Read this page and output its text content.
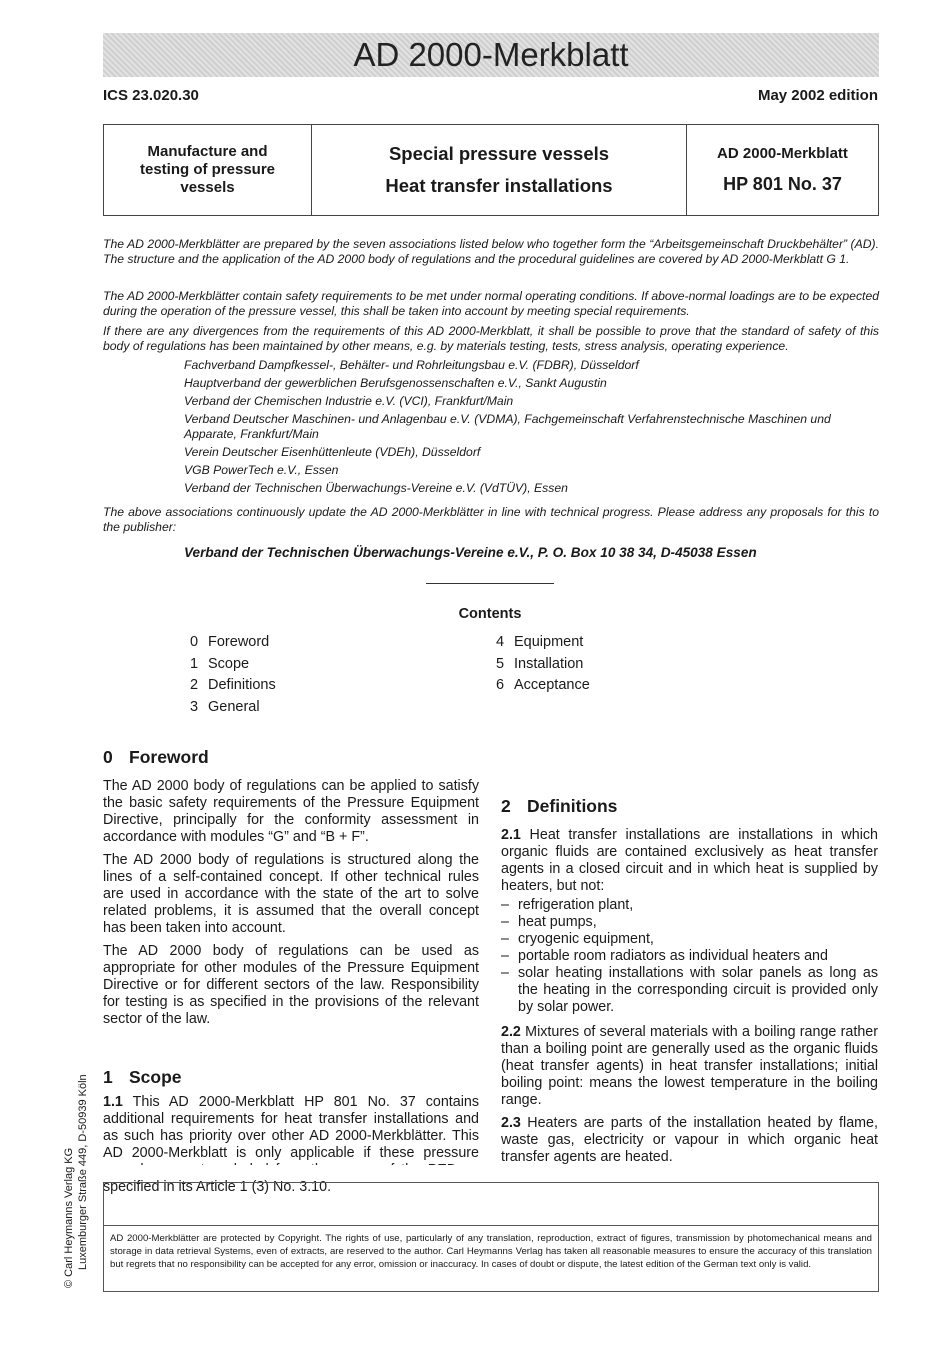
AD 2000-Merkblatt
ICS 23.020.30	May 2002 edition
Manufacture and
testing of pressure
vessels
Special pressure vessels
Heat transfer installations
AD 2000-Merkblatt
HP 801 No. 37
The AD 2000-Merkblätter are prepared by the seven associations listed below who together form the “Arbeitsgemeinschaft Druckbehälter” (AD). The structure and the application of the AD 2000 body of regulations and the procedural guidelines are covered by AD 2000-Merkblatt G 1.
The AD 2000-Merkblätter contain safety requirements to be met under normal operating conditions. If above-normal loadings are to be expected during the operation of the pressure vessel, this shall be taken into account by meeting special requirements.
If there are any divergences from the requirements of this AD 2000-Merkblatt, it shall be possible to prove that the standard of safety of this body of regulations has been maintained by other means, e.g. by materials testing, tests, stress analysis, operating experience.
Fachverband Dampfkessel-, Behälter- und Rohrleitungsbau e.V. (FDBR), Düsseldorf
Hauptverband der gewerblichen Berufsgenossenschaften e.V., Sankt Augustin
Verband der Chemischen Industrie e.V. (VCI), Frankfurt/Main
Verband Deutscher Maschinen- und Anlagenbau e.V. (VDMA), Fachgemeinschaft Verfahrenstechnische Maschinen und Apparate, Frankfurt/Main
Verein Deutscher Eisenhüttenleute (VDEh), Düsseldorf
VGB PowerTech e.V., Essen
Verband der Technischen Überwachungs-Vereine e.V. (VdTÜV), Essen
The above associations continuously update the AD 2000-Merkblätter in line with technical progress. Please address any proposals for this to the publisher:
Verband der Technischen Überwachungs-Vereine e.V., P. O. Box 10 38 34, D-45038 Essen
Contents
0 Foreword
1 Scope
2 Definitions
3 General
4 Equipment
5 Installation
6 Acceptance
0 Foreword

The AD 2000 body of regulations can be applied to satisfy the basic safety requirements of the Pressure Equipment Directive, principally for the conformity assessment in accordance with modules “G” and “B + F”.

The AD 2000 body of regulations is structured along the lines of a self-contained concept. If other technical rules are used in accordance with the state of the art to solve related problems, it is assumed that the overall concept has been taken into account.

The AD 2000 body of regulations can be used as appropriate for other modules of the Pressure Equipment Directive or for different sectors of the law. Responsibility for testing is as specified in the provisions of the relevant sector of the law.

1 Scope

1.1 This AD 2000-Merkblatt HP 801 No. 37 contains additional requirements for heat transfer installations and as such has priority over other AD 2000-Merkblätter. This AD 2000-Merkblatt is only applicable if these pressure specified in its Article 1 (3) No. 3.10.

2 Definitions

2.1 Heat transfer installations are installations in which organic fluids are contained exclusively as heat transfer agents in a closed circuit and in which heat is supplied by heaters, but not:

– refrigeration plant,
– heat pumps,
– cryogenic equipment,
– portable room radiators as individual heaters and
– solar heating installations with solar panels as long as the heating in the corresponding circuit is provided only by solar power.

2.2 Mixtures of several materials with a boiling range rather than a boiling point are generally used as the organic fluids (heat transfer agents) in heat transfer installations; initial boiling point: means the lowest temperature in the boiling range.

2.3 Heaters are parts of the installation heated by flame, waste gas, electricity or vapour in which organic heat transfer agents are heated.

AD 2000-Merkblätter are protected by Copyright. The rights of use, particularly of any translation, reproduction, extract of figures, transmission by photomechanical means and storage in data retrieval Systems, even of extracts, are reserved to the author. Carl Heymanns Verlag has taken all reasonable measures to ensure the accuracy of this translation but regrets that no responsibility can be accepted for any error, omission or inaccuracy. In cases of doubt or dispute, the latest edition of the German text only is valid.
© Carl Heymanns Verlag KG Luxemburger Straße 449, D-50939 Köln
